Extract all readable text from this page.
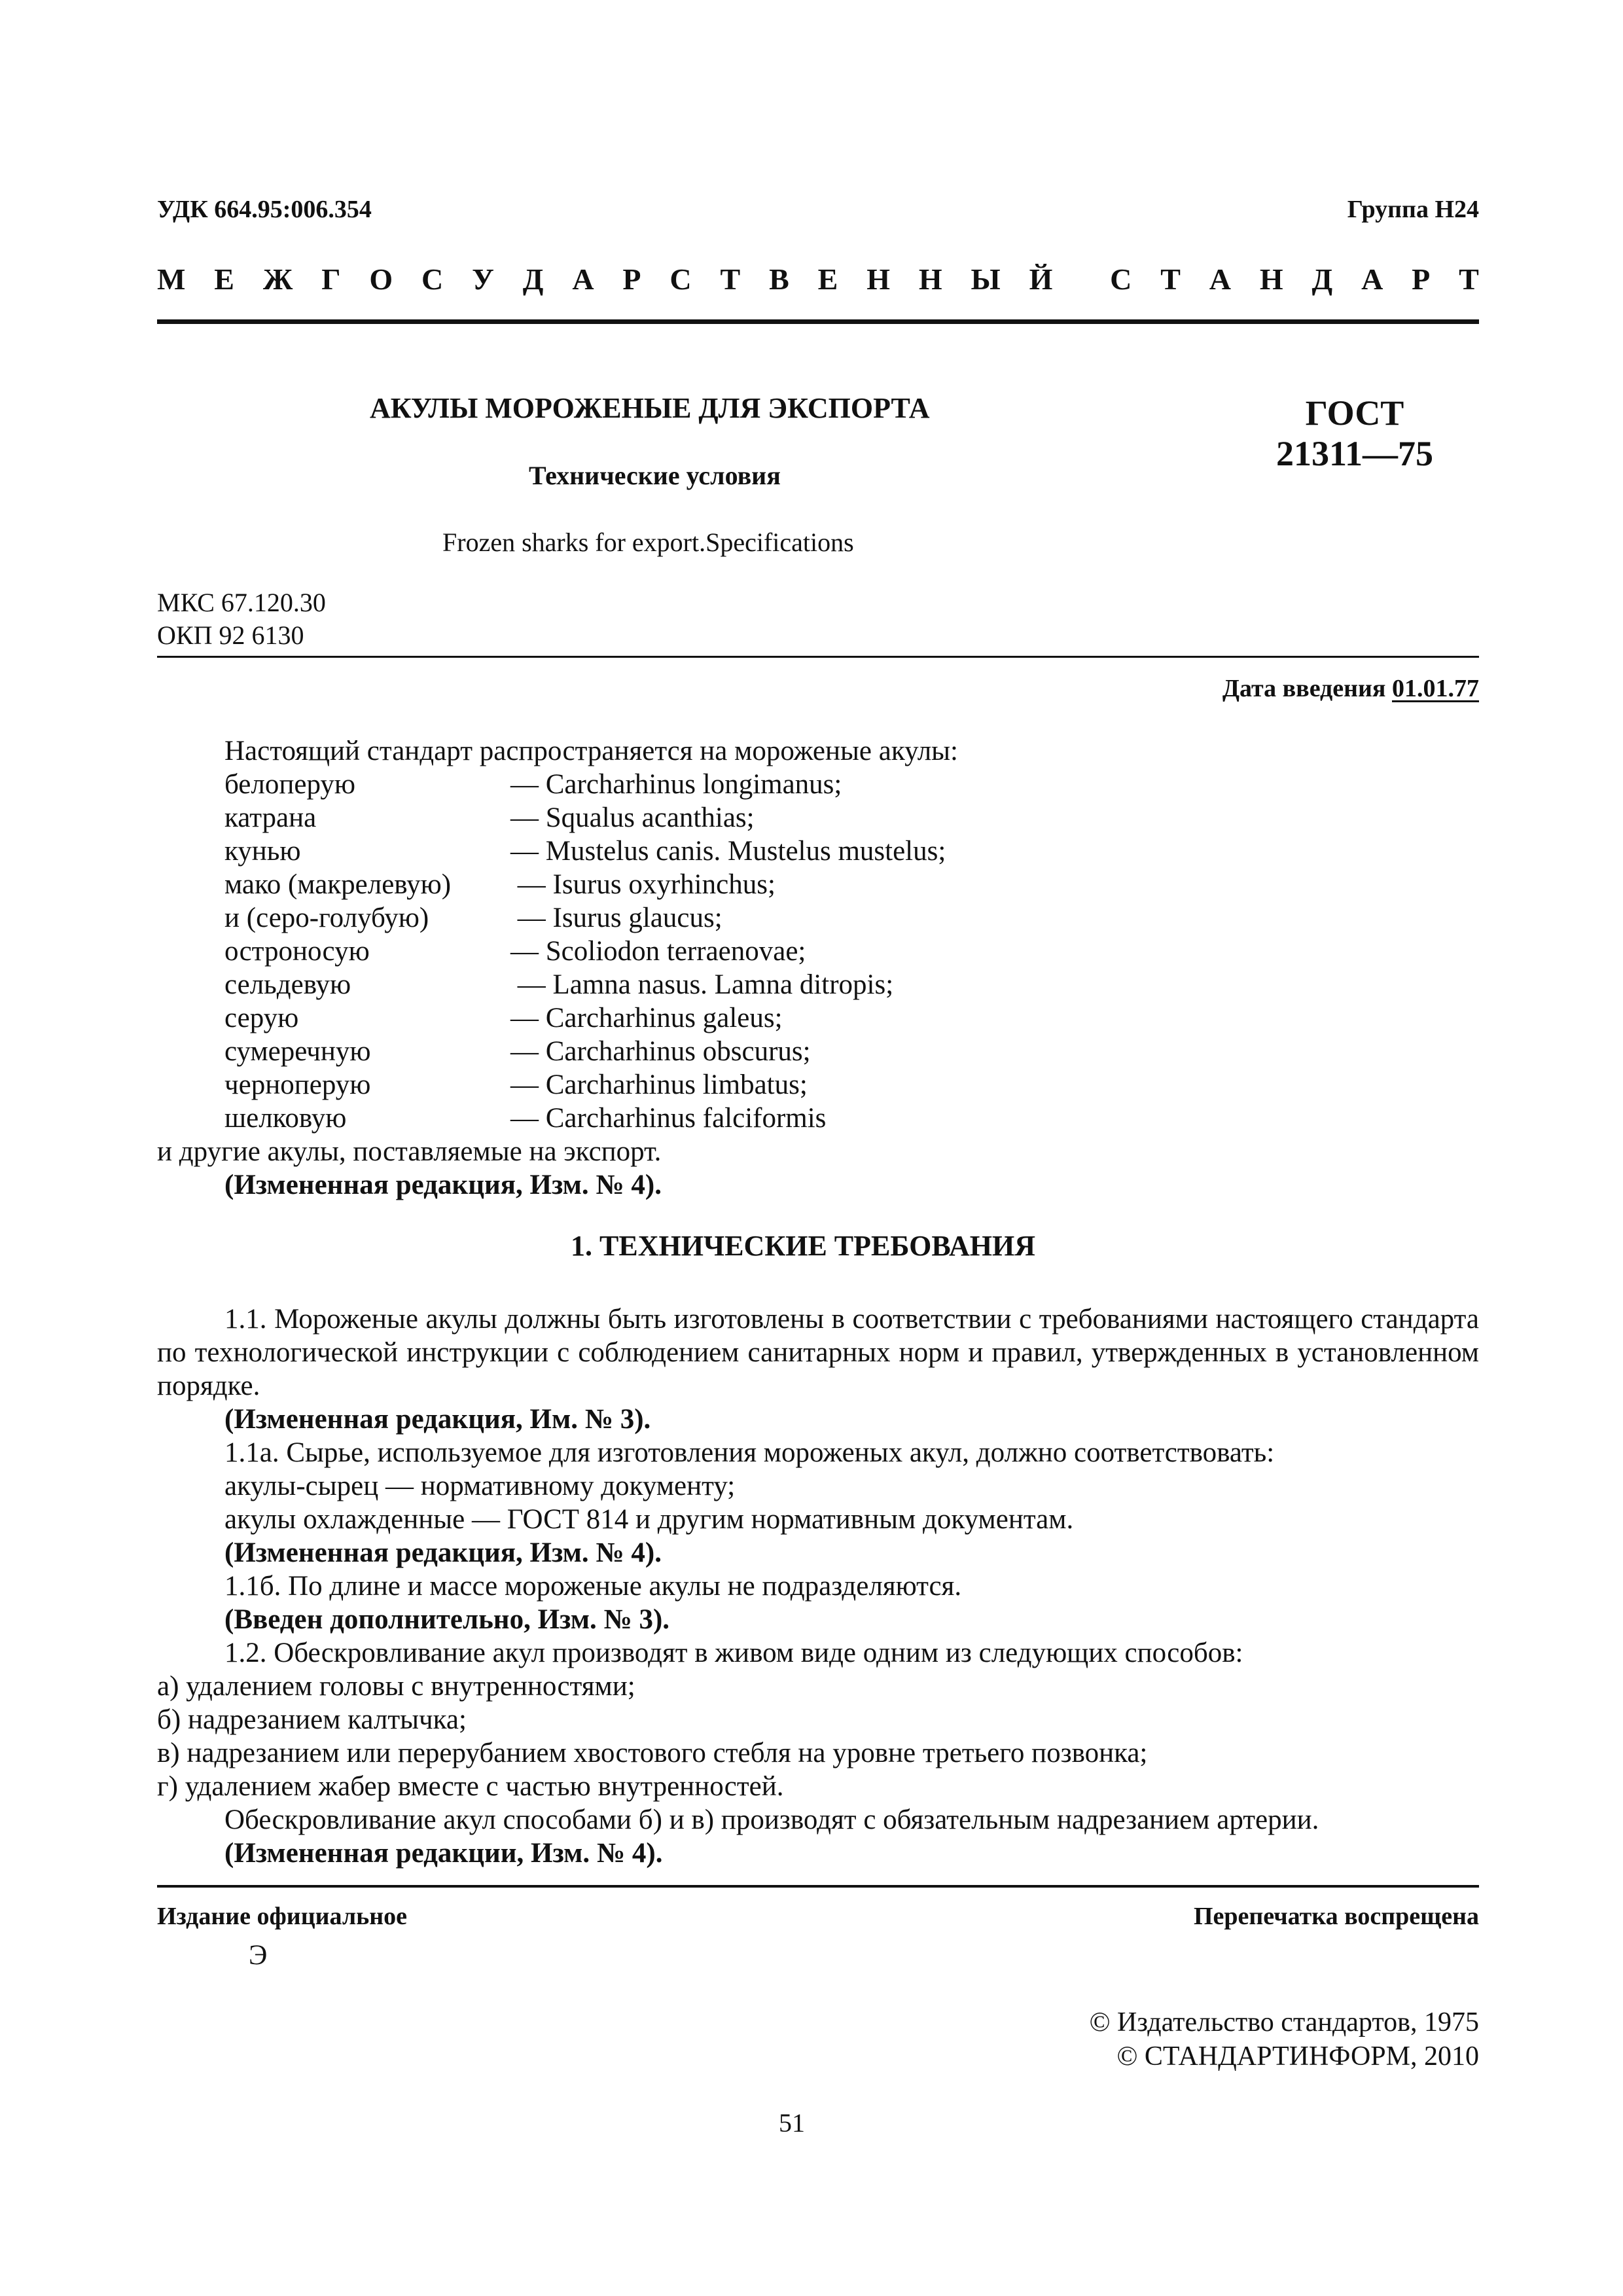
УДК 664.95:006.354	Группа Н24
М Е Ж Г О С У Д А Р С Т В Е Н Н Ы Й С Т А Н Д А Р Т
АКУЛЫ МОРОЖЕНЫЕ ДЛЯ ЭКСПОРТА
Технические условия
Frozen sharks for export.Specifications
ГОСТ
21311—75
МКС 67.120.30
ОКП 92 6130
Дата введения 01.01.77
Настоящий стандарт распространяется на мороженые акулы:
белоперую	— Carcharhinus longimanus;
катрана	— Squalus acanthias;
кунью	— Mustelus canis. Mustelus mustelus;
мако (макрелевую) — Isurus oxyrhinchus;
и (серо-голубую)	— Isurus glaucus;
остроносую	— Scoliodon terraenovae;
сельдевую	— Lamna nasus. Lamna ditropis;
серую	— Carcharhinus galeus;
сумеречную	— Carcharhinus obscurus;
черноперую	— Carcharhinus limbatus;
шелковую	— Carcharhinus falciformis
и другие акулы, поставляемые на экспорт.
(Измененная редакция, Изм. № 4).
1. ТЕХНИЧЕСКИЕ ТРЕБОВАНИЯ
1.1. Мороженые акулы должны быть изготовлены в соответствии с требованиями настоящего стандарта по технологической инструкции с соблюдением санитарных норм и правил, утвержденных в установленном порядке.
(Измененная редакция, Им. № 3).
1.1а. Сырье, используемое для изготовления мороженых акул, должно соответствовать:
акулы-сырец — нормативному документу;
акулы охлажденные — ГОСТ 814 и другим нормативным документам.
(Измененная редакция, Изм. № 4).
1.1б. По длине и массе мороженые акулы не подразделяются.
(Введен дополнительно, Изм. № 3).
1.2. Обескровливание акул производят в живом виде одним из следующих способов:
а) удалением головы с внутренностями;
б) надрезанием калтычка;
в) надрезанием или перерубанием хвостового стебля на уровне третьего позвонка;
г) удалением жабер вместе с частью внутренностей.
Обескровливание акул способами б) и в) производят с обязательным надрезанием артерии.
(Измененная редакции, Изм. № 4).
Издание официальное
Э
Перепечатка воспрещена
© Издательство стандартов, 1975
© СТАНДАРТИНФОРМ, 2010
51
